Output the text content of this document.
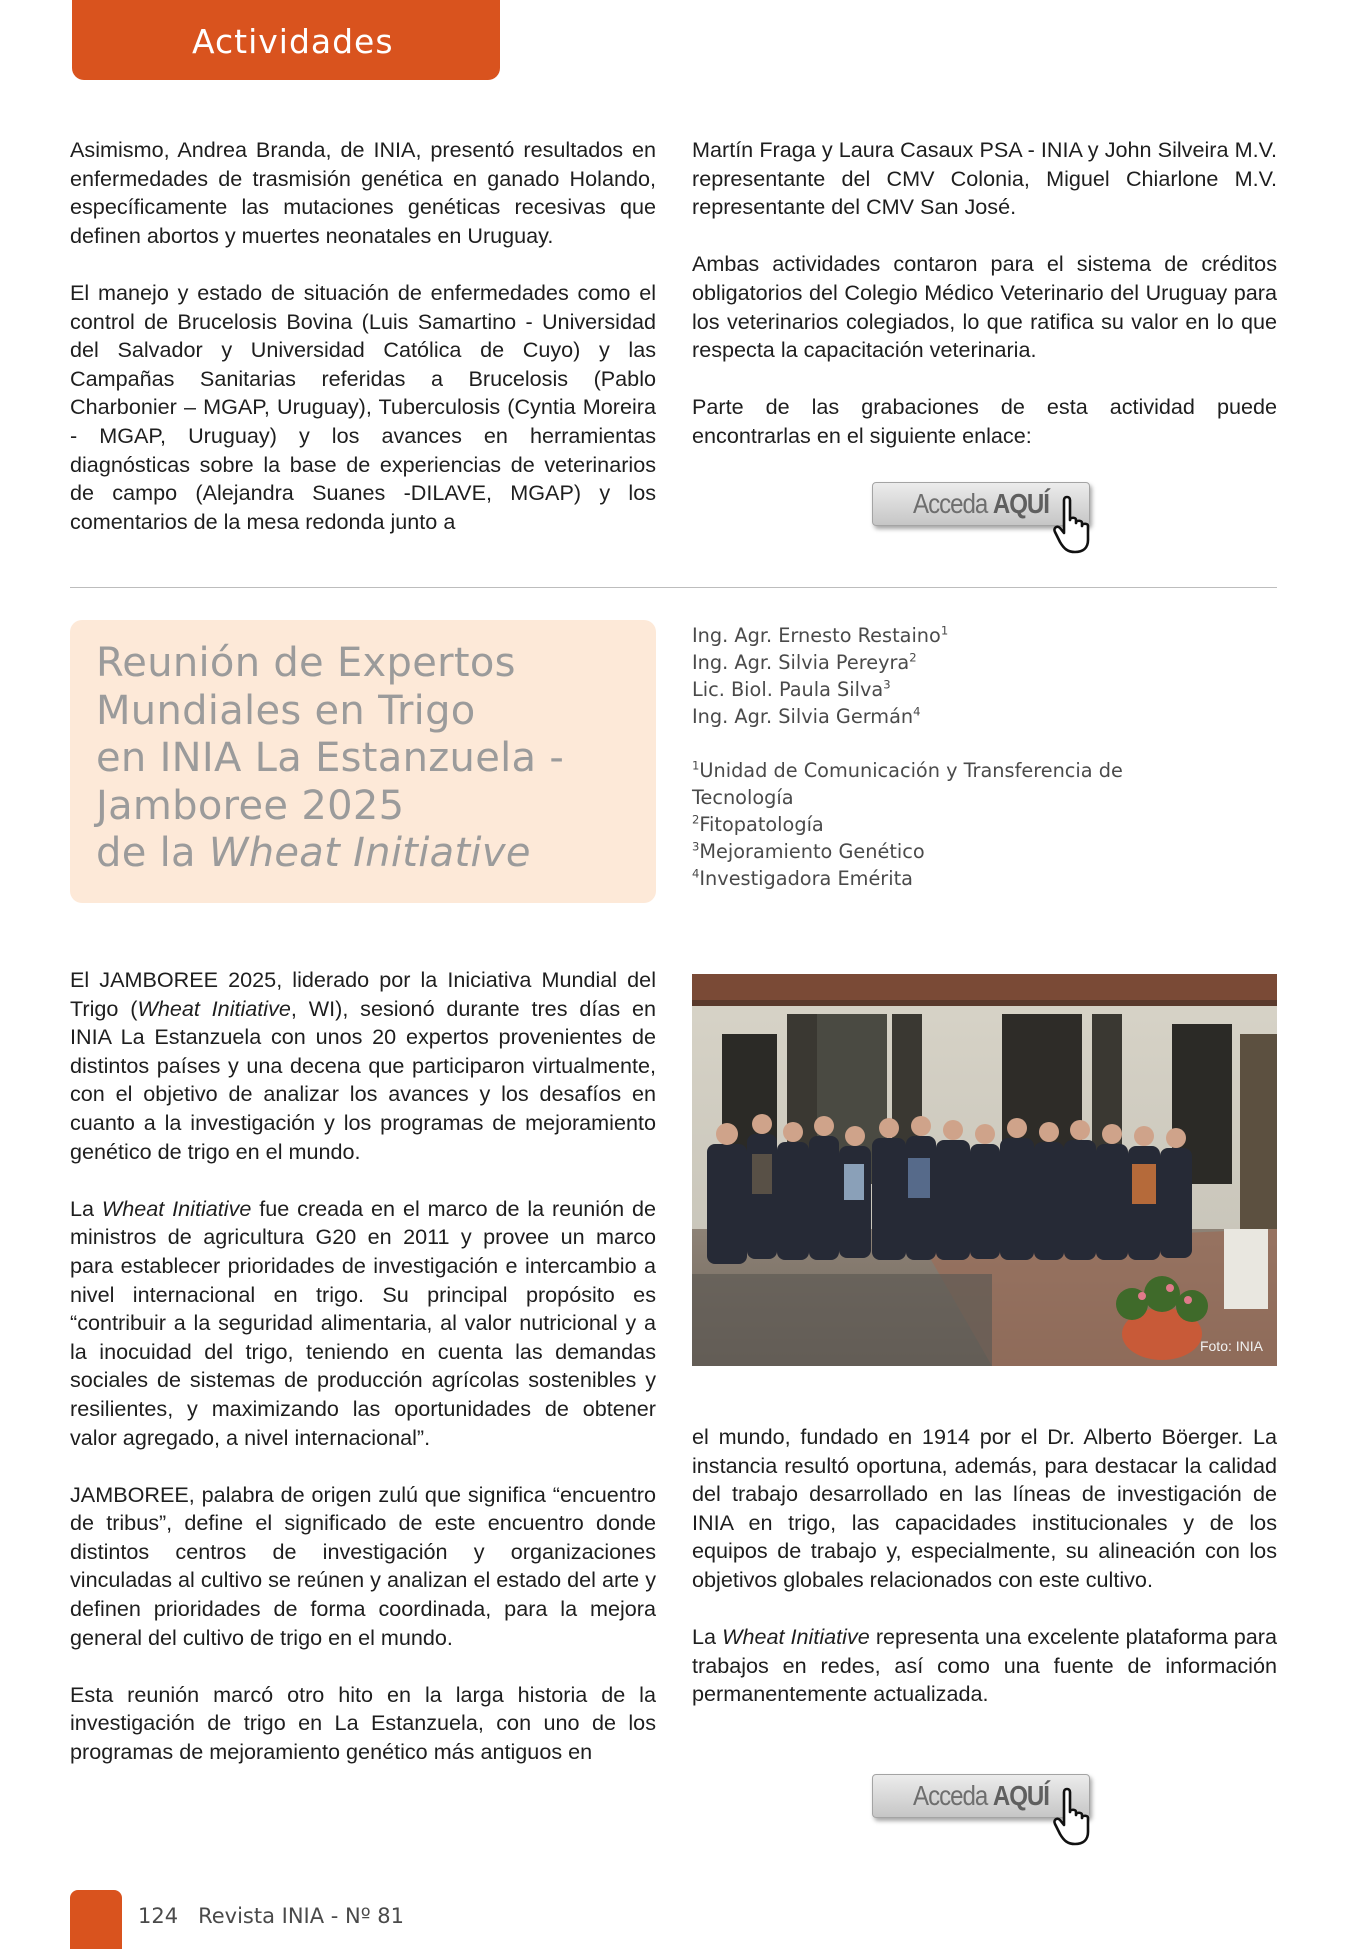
Actividades

Asimismo, Andrea Branda, de INIA, presentó resultados en enfermedades de trasmisión genética en ganado Holando, específicamente las mutaciones genéticas recesivas que definen abortos y muertes neonatales en Uruguay.

El manejo y estado de situación de enfermedades como el control de Brucelosis Bovina (Luis Samartino - Universidad del Salvador y Universidad Católica de Cuyo) y las Campañas Sanitarias referidas a Brucelosis (Pablo Charbonier – MGAP, Uruguay), Tuberculosis (Cyntia Moreira - MGAP, Uruguay) y los avances en herramientas diagnósticas sobre la base de experiencias de veterinarios de campo (Alejandra Suanes -DILAVE, MGAP) y los comentarios de la mesa redonda junto a

Martín Fraga y Laura Casaux PSA - INIA y John Silveira M.V. representante del CMV Colonia, Miguel Chiarlone M.V. representante del CMV San José.

Ambas actividades contaron para el sistema de créditos obligatorios del Colegio Médico Veterinario del Uruguay para los veterinarios colegiados, lo que ratifica su valor en lo que respecta la capacitación veterinaria.

Parte de las grabaciones de esta actividad puede encontrarlas en el siguiente enlace:

Acceda AQUÍ
Reunión de Expertos
Mundiales en Trigo
en INIA La Estanzuela -
Jamboree 2025
de la Wheat Initiative
Ing. Agr. Ernesto Restaino$^1$
Ing. Agr. Silvia Pereyra$^2$
Lic. Biol. Paula Silva$^3$
Ing. Agr. Silvia Germán$^4$
$^1$Unidad de Comunicación y Transferencia de
Tecnología
$^2$Fitopatología
$^3$Mejoramiento Genético
$^4$Investigadora Emérita

El JAMBOREE 2025, liderado por la Iniciativa Mundial del Trigo (Wheat Initiative, WI), sesionó durante tres días en INIA La Estanzuela con unos 20 expertos provenientes de distintos países y una decena que participaron virtualmente, con el objetivo de analizar los avances y los desafíos en cuanto a la investigación y los programas de mejoramiento genético de trigo en el mundo.

La Wheat Initiative fue creada en el marco de la reunión de ministros de agricultura G20 en 2011 y provee un marco para establecer prioridades de investigación e intercambio a nivel internacional en trigo. Su principal propósito es “contribuir a la seguridad alimentaria, al valor nutricional y a la inocuidad del trigo, teniendo en cuenta las demandas sociales de sistemas de producción agrícolas sostenibles y resilientes, y maximizando las oportunidades de obtener valor agregado, a nivel internacional”.

JAMBOREE, palabra de origen zulú que significa “encuentro de tribus”, define el significado de este encuentro donde distintos centros de investigación y organizaciones vinculadas al cultivo se reúnen y analizan el estado del arte y definen prioridades de forma coordinada, para la mejora general del cultivo de trigo en el mundo.

Esta reunión marcó otro hito en la larga historia de la investigación de trigo en La Estanzuela, con uno de los programas de mejoramiento genético más antiguos en

Foto: INIA

el mundo, fundado en 1914 por el Dr. Alberto Böerger. La instancia resultó oportuna, además, para destacar la calidad del trabajo desarrollado en las líneas de investigación de INIA en trigo, las capacidades institucionales y de los equipos de trabajo y, especialmente, su alineación con los objetivos globales relacionados con este cultivo.

La Wheat Initiative representa una excelente plataforma para trabajos en redes, así como una fuente de información permanentemente actualizada.

Acceda AQUÍ
124 Revista INIA - Nº 81
